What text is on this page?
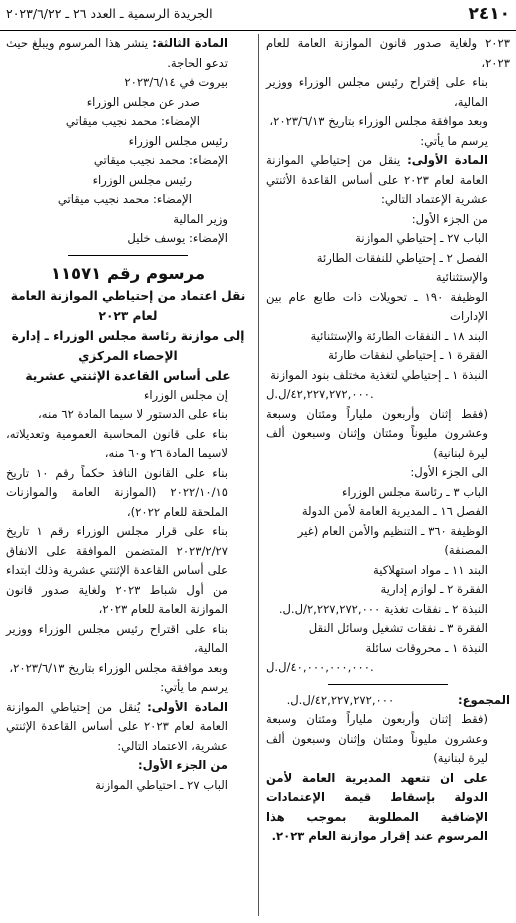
٢٤١٠
الجريدة الرسمية ـ العدد ٢٦ ـ ٢٠٢٣/٦/٢٢

٢٠٢٣ ولغاية صدور قانون الموازنة العامة للعام ٢٠٢٣،

بناء على إقتراح رئيس مجلس الوزراء ووزير المالية،

وبعد موافقة مجلس الوزراء بتاريخ ٢٠٢٣/٦/١٣،

يرسم ما يأتي:

المادة الأولى: ينقل من إحتياطي الموازنة العامة لعام ٢٠٢٣ على أساس القاعدة الأثنتي عشرية الإعتماد التالي:

من الجزء الأول:

الباب ٢٧ ـ إحتياطي الموازنة

الفصل ٢ ـ إحتياطي للنفقات الطارئة والإستثنائية

الوظيفة ١٩٠ ـ تحويلات ذات طابع عام بين الإدارات

البند ١٨ ـ النفقات الطارئة والإستثنائية

الفقرة ١ ـ إحتياطي لنفقات طارئة

النبذة ١ ـ إحتياطي لتغذية مختلف بنود الموازنة

٤٢,٢٢٧,٢٧٢,٠٠٠/ل.ل.

(فقط إثنان وأربعون ملياراً ومئتان وسبعة وعشرون مليوناً ومئتان وإثنان وسبعون ألف ليرة لبنانية)

الى الجزء الأول:

الباب ٣ ـ رئاسة مجلس الوزراء

الفصل ١٦ ـ المديرية العامة لأمن الدولة

الوظيفة ٣٦٠ ـ التنظيم والأمن العام (غير المصنفة)

البند ١١ ـ مواد استهلاكية

الفقرة ٢ ـ لوازم إدارية

النبذة ٢ ـ نفقات تغذية ٢,٢٢٧,٢٧٢,٠٠٠/ل.ل.

الفقرة ٣ ـ نفقات تشغيل وسائل النقل

النبذة ١ ـ محروقات سائلة

٤٠,٠٠٠,٠٠٠,٠٠٠/ل.ل.

المجموع: ٤٢,٢٢٧,٢٧٢,٠٠٠/ل.ل.

(فقط إثنان وأربعون ملياراً ومئتان وسبعة وعشرون مليوناً ومئتان وإثنان وسبعون ألف ليرة لبنانية)

على ان تتعهد المديرية العامة لأمن الدولة بإسقاط قيمة الإعتمادات الإضافية المطلوبة بموجب هذا المرسوم عند إقرار موازنة العام ٢٠٢٣.

المادة الثالثة: ينشر هذا المرسوم ويبلغ حيث تدعو الحاجة.

بيروت في ٢٠٢٣/٦/١٤

صدر عن مجلس الوزراء

الإمضاء: محمد نجيب ميقاتي

رئيس مجلس الوزراء

الإمضاء: محمد نجيب ميقاتي

رئيس مجلس الوزراء

الإمضاء: محمد نجيب ميقاتي

وزير المالية

الإمضاء: يوسف خليل

مرسوم رقم ١١٥٧١

نقل اعتماد من إحتياطي الموازنة العامة لعام ٢٠٢٣

إلى موازنة رئاسة مجلس الوزراء ـ إدارة الإحصاء المركزي

على أساس القاعدة الإثنتي عشرية

إن مجلس الوزراء

بناء على الدستور لا سيما المادة ٦٢ منه،

بناء على قانون المحاسبة العمومية وتعديلاته، لاسيما المادة ٢٦ و٦٠ منه،

بناء على القانون النافذ حكماً رقم ١٠ تاريخ ٢٠٢٢/١٠/١٥ (الموازنة العامة والموازنات الملحقة للعام ٢٠٢٢)،

بناء على قرار مجلس الوزراء رقم ١ تاريخ ٢٠٢٣/٢/٢٧ المتضمن الموافقة على الانفاق على أساس القاعدة الإثنتي عشرية وذلك ابتداء من أول شباط ٢٠٢٣ ولغاية صدور قانون الموازنة العامة للعام ٢٠٢٣،

بناء على اقتراح رئيس مجلس الوزراء ووزير المالية،

وبعد موافقة مجلس الوزراء بتاريخ ٢٠٢٣/٦/١٣،

يرسم ما يأتي:

المادة الأولى: يُنقل من إحتياطي الموازنة العامة لعام ٢٠٢٣ على أساس القاعدة الإثنتي عشرية، الاعتماد التالي:

من الجزء الأول:

الباب ٢٧ ـ احتياطي الموازنة
